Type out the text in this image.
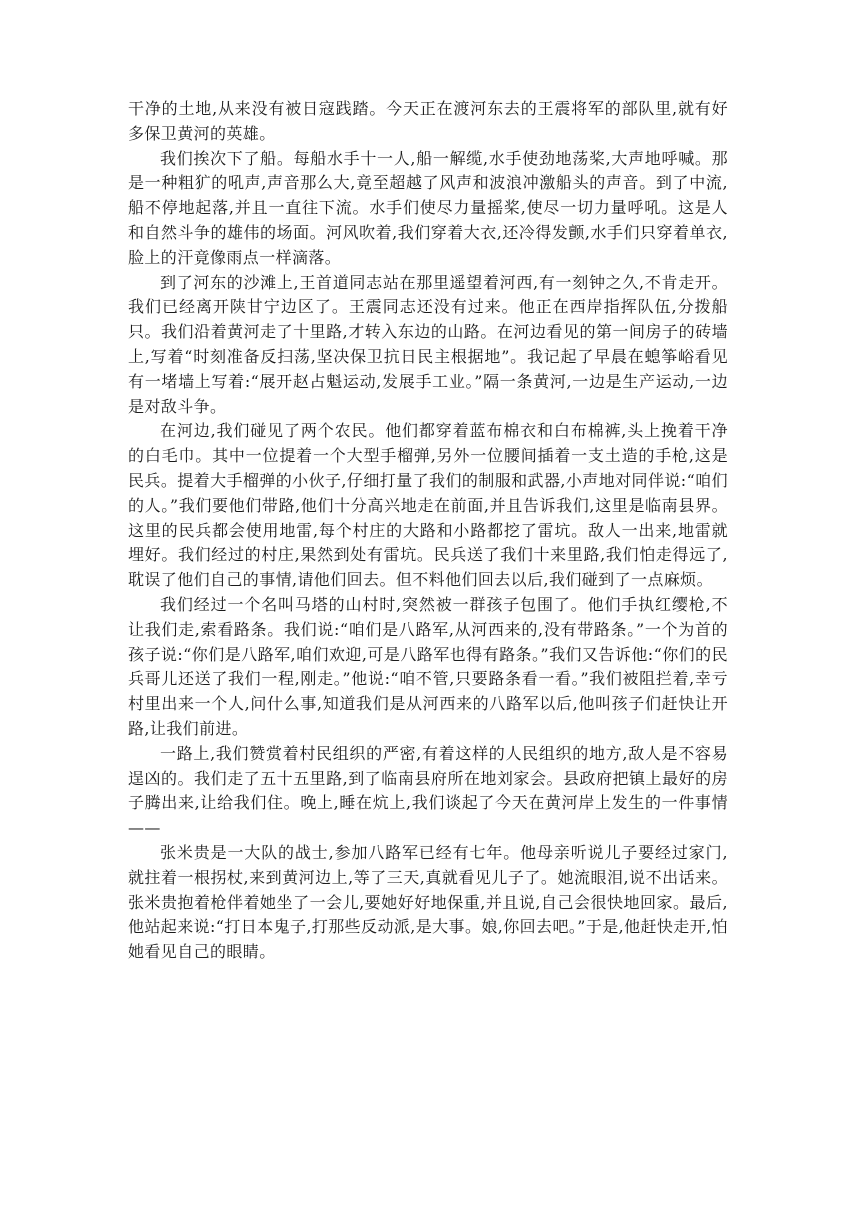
干净的土地,从来没有被日寇践踏。今天正在渡河东去的王震将军的部队里,就有好多保卫黄河的英雄。

我们挨次下了船。每船水手十一人,船一解缆,水手使劲地荡桨,大声地呼喊。那是一种粗犷的吼声,声音那么大,竟至超越了风声和波浪冲激船头的声音。到了中流,船不停地起落,并且一直往下流。水手们使尽力量摇桨,使尽一切力量呼吼。这是人和自然斗争的雄伟的场面。河风吹着,我们穿着大衣,还冷得发颤,水手们只穿着单衣,脸上的汗竟像雨点一样滴落。

到了河东的沙滩上,王首道同志站在那里遥望着河西,有一刻钟之久,不肯走开。我们已经离开陕甘宁边区了。王震同志还没有过来。他正在西岸指挥队伍,分拨船只。我们沿着黄河走了十里路,才转入东边的山路。在河边看见的第一间房子的砖墙上,写着“时刻准备反扫荡,坚决保卫抗日民主根据地”。我记起了早晨在螅筝峪看见有一堵墙上写着:“展开赵占魁运动,发展手工业。”隔一条黄河,一边是生产运动,一边是对敌斗争。

在河边,我们碰见了两个农民。他们都穿着蓝布棉衣和白布棉裤,头上挽着干净的白毛巾。其中一位提着一个大型手榴弹,另外一位腰间插着一支土造的手枪,这是民兵。提着大手榴弹的小伙子,仔细打量了我们的制服和武器,小声地对同伴说:“咱们的人。”我们要他们带路,他们十分高兴地走在前面,并且告诉我们,这里是临南县界。这里的民兵都会使用地雷,每个村庄的大路和小路都挖了雷坑。敌人一出来,地雷就埋好。我们经过的村庄,果然到处有雷坑。民兵送了我们十来里路,我们怕走得远了,耽误了他们自己的事情,请他们回去。但不料他们回去以后,我们碰到了一点麻烦。

我们经过一个名叫马塔的山村时,突然被一群孩子包围了。他们手执红缨枪,不让我们走,索看路条。我们说:“咱们是八路军,从河西来的,没有带路条。”一个为首的孩子说:“你们是八路军,咱们欢迎,可是八路军也得有路条。”我们又告诉他:“你们的民兵哥儿还送了我们一程,刚走。”他说:“咱不管,只要路条看一看。”我们被阻拦着,幸亏村里出来一个人,问什么事,知道我们是从河西来的八路军以后,他叫孩子们赶快让开路,让我们前进。

一路上,我们赞赏着村民组织的严密,有着这样的人民组织的地方,敌人是不容易逞凶的。我们走了五十五里路,到了临南县府所在地刘家会。县政府把镇上最好的房子腾出来,让给我们住。晚上,睡在炕上,我们谈起了今天在黄河岸上发生的一件事情——

张米贵是一大队的战士,参加八路军已经有七年。他母亲听说儿子要经过家门,就拄着一根拐杖,来到黄河边上,等了三天,真就看见儿子了。她流眼泪,说不出话来。张米贵抱着枪伴着她坐了一会儿,要她好好地保重,并且说,自己会很快地回家。最后,他站起来说:“打日本鬼子,打那些反动派,是大事。娘,你回去吧。”于是,他赶快走开,怕她看见自己的眼睛。
